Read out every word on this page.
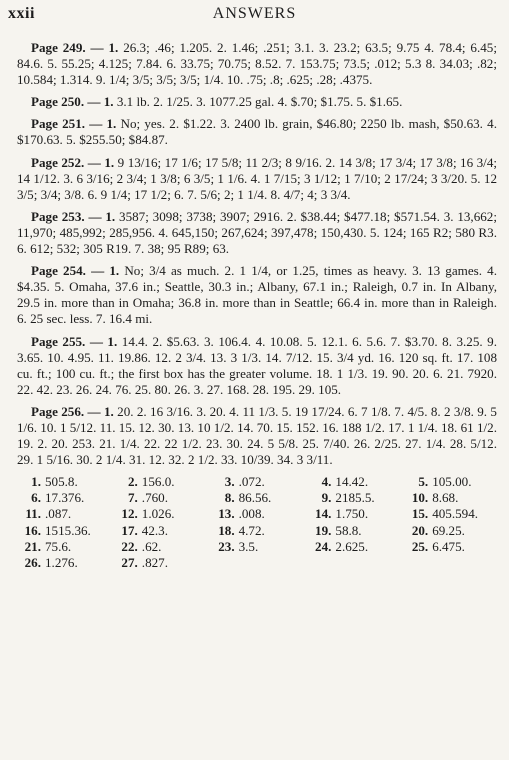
xxii	ANSWERS

Page 249. — 1. 26.3; .46; 1.205. 2. 1.46; .251; 3.1. 3. 23.2; 63.5; 9.75 4. 78.4; 6.45; 84.6. 5. 55.25; 4.125; 7.84. 6. 33.75; 70.75; 8.52. 7. 153.75; 73.5; .012; 5.3 8. 34.03; .82; 10.584; 1.314. 9. 1/4; 3/5; 3/5; 3/5; 1/4. 10. .75; .8; .625; .28; .4375.

Page 250. — 1. 3.1 lb. 2. 1/25. 3. 1077.25 gal. 4. $.70; $1.75. 5. $1.65.

Page 251. — 1. No; yes. 2. $1.22. 3. 2400 lb. grain, $46.80; 2250 lb. mash, $50.63. 4. $170.63. 5. $255.50; $84.87.

Page 252. — 1. 9 13/16; 17 1/6; 17 5/8; 11 2/3; 8 9/16. 2. 14 3/8; 17 3/4; 17 3/8; 16 3/4; 14 1/12. 3. 6 3/16; 2 3/4; 1 3/8; 6 3/5; 1 1/6. 4. 1 7/15; 3 1/12; 1 7/10; 2 17/24; 3 3/20. 5. 12 3/5; 3/4; 3/8. 6. 9 1/4; 17 1/2; 6. 7. 5/6; 2; 1 1/4. 8. 4/7; 4; 3 3/4.

Page 253. — 1. 3587; 3098; 3738; 3907; 2916. 2. $38.44; $477.18; $571.54. 3. 13,662; 11,970; 485,992; 285,956. 4. 645,150; 267,624; 397,478; 150,430. 5. 124; 165 R2; 580 R3. 6. 612; 532; 305 R19. 7. 38; 95 R89; 63.

Page 254. — 1. No; 3/4 as much. 2. 1 1/4, or 1.25, times as heavy. 3. 13 games. 4. $4.35. 5. Omaha, 37.6 in.; Seattle, 30.3 in.; Albany, 67.1 in.; Raleigh, 0.7 in. In Albany, 29.5 in. more than in Omaha; 36.8 in. more than in Seattle; 66.4 in. more than in Raleigh. 6. 25 sec. less. 7. 16.4 mi.

Page 255. — 1. 14.4. 2. $5.63. 3. 106.4. 4. 10.08. 5. 12.1. 6. 5.6. 7. $3.70. 8. 3.25. 9. 3.65. 10. 4.95. 11. 19.86. 12. 2 3/4. 13. 3 1/3. 14. 7/12. 15. 3/4 yd. 16. 120 sq. ft. 17. 108 cu. ft.; 100 cu. ft.; the first box has the greater volume. 18. 1 1/3. 19. 90. 20. 6. 21. 7920. 22. 42. 23. 26. 24. 76. 25. 80. 26. 3. 27. 168. 28. 195. 29. 105.

Page 256. — 1. 20. 2. 16 3/16. 3. 20. 4. 11 1/3. 5. 19 17/24. 6. 7 1/8. 7. 4/5. 8. 2 3/8. 9. 5 1/6. 10. 1 5/12. 11. 15. 12. 30. 13. 10 1/2. 14. 70. 15. 152. 16. 188 1/2. 17. 1 1/4. 18. 61 1/2. 19. 2. 20. 253. 21. 1/4. 22. 22 1/2. 23. 30. 24. 5 5/8. 25. 7/40. 26. 2/25. 27. 1/4. 28. 5/12. 29. 1 5/16. 30. 2 1/4. 31. 12. 32. 2 1/2. 33. 10/39. 34. 3 3/11.

1. 505.8.	2. 156.0.	3. .072.	4. 14.42.	5. 105.00.
6. 17.376.	7. .760.	8. 86.56.	9. 2185.5.	10. 8.68.
11. .087.	12. 1.026.	13. .008.	14. 1.750.	15. 405.594.
16. 1515.36.	17. 42.3.	18. 4.72.	19. 58.8.	20. 69.25.
21. 75.6.	22. .62.	23. 3.5.	24. 2.625.	25. 6.475.
26. 1.276.	27. .827.
